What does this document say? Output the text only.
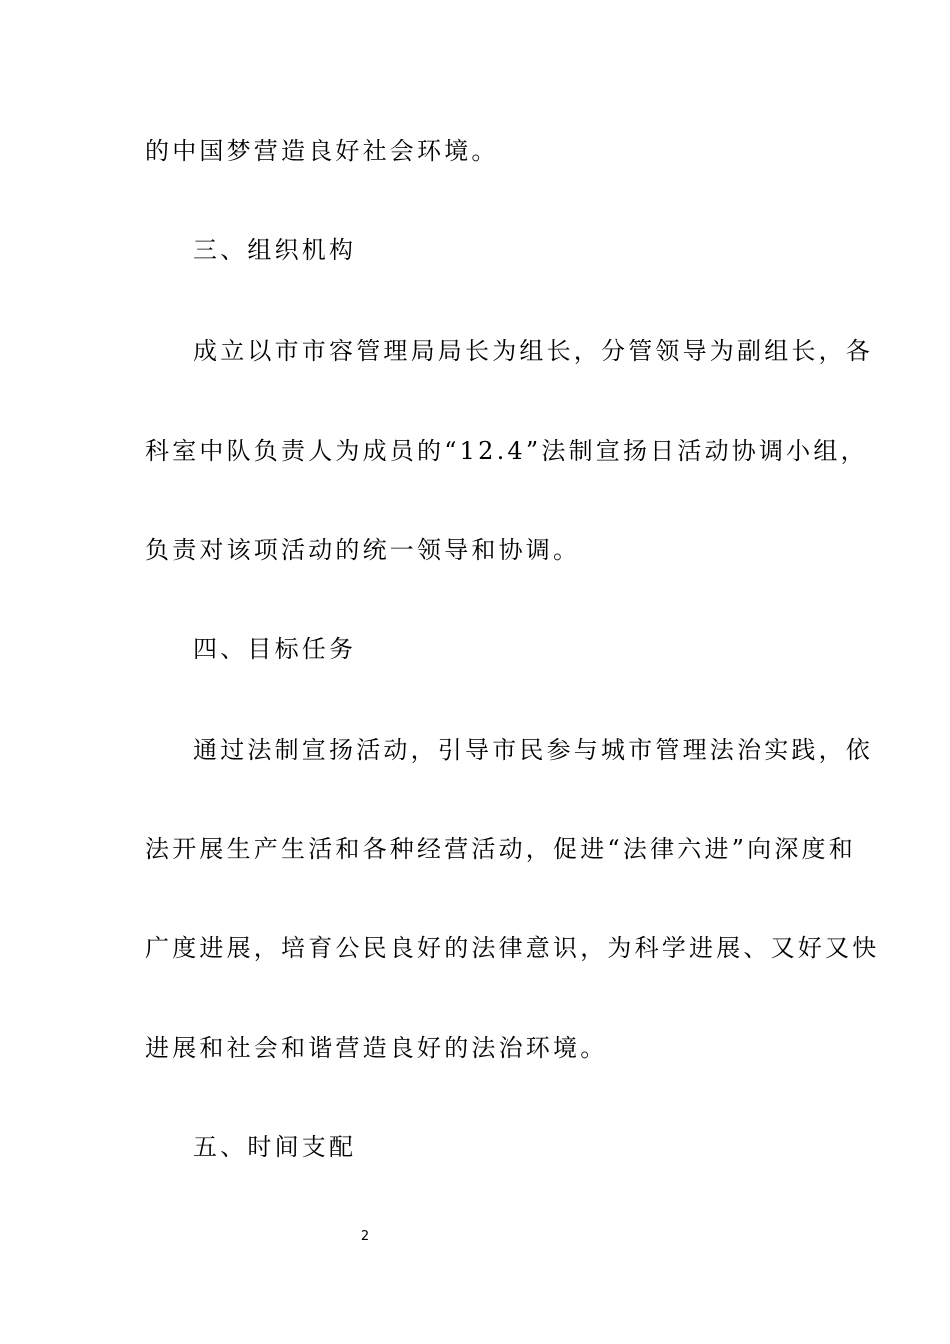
的中国梦营造良好社会环境。

三、组织机构

成立以市市容管理局局长为组长，分管领导为副组长，各

科室中队负责人为成员的“12.4”法制宣扬日活动协调小组，

负责对该项活动的统一领导和协调。

四、目标任务

通过法制宣扬活动，引导市民参与城市管理法治实践，依

法开展生产生活和各种经营活动，促进“法律六进”向深度和

广度进展，培育公民良好的法律意识，为科学进展、又好又快

进展和社会和谐营造良好的法治环境。

五、时间支配

2
